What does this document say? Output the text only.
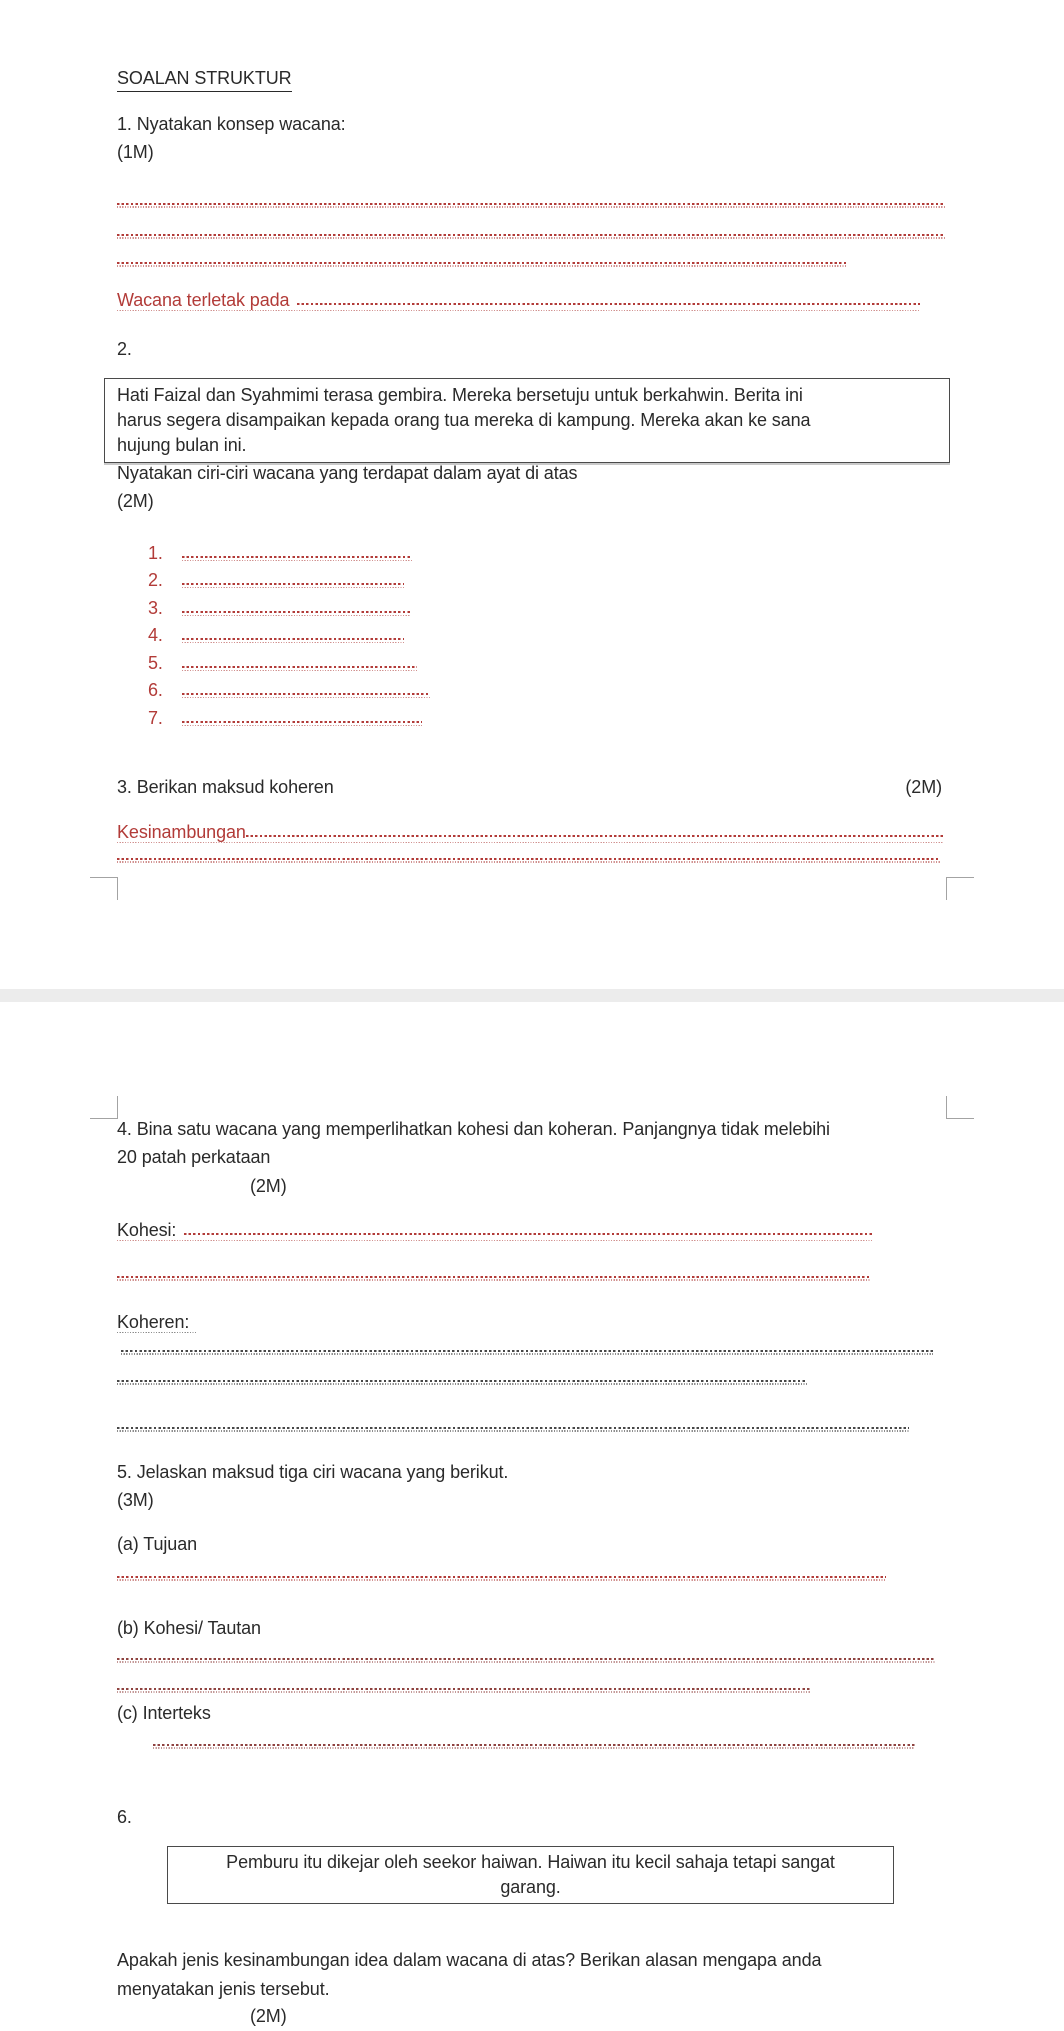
SOALAN STRUKTUR
1. Nyatakan konsep wacana:
(1M)
Wacana terletak pada
2.
Hati Faizal dan Syahmimi terasa gembira. Mereka bersetuju untuk berkahwin. Berita ini
harus segera disampaikan kepada orang tua mereka di kampung. Mereka akan ke sana
hujung bulan ini.
Nyatakan ciri-ciri wacana yang terdapat dalam ayat di atas
(2M)
1.
2.
3.
4.
5.
6.
7.
3. Berikan maksud koheren	(2M)
Kesinambungan
4. Bina satu wacana yang memperlihatkan kohesi dan koheran. Panjangnya tidak melebihi
20 patah perkataan
(2M)
Kohesi:
Koheren:
5. Jelaskan maksud tiga ciri wacana yang berikut.
(3M)
(a) Tujuan
(b) Kohesi/ Tautan
(c) Interteks
6.
Pemburu itu dikejar oleh seekor haiwan. Haiwan itu kecil sahaja tetapi sangat
garang.
Apakah jenis kesinambungan idea dalam wacana di atas? Berikan alasan mengapa anda
menyatakan jenis tersebut.
(2M)
